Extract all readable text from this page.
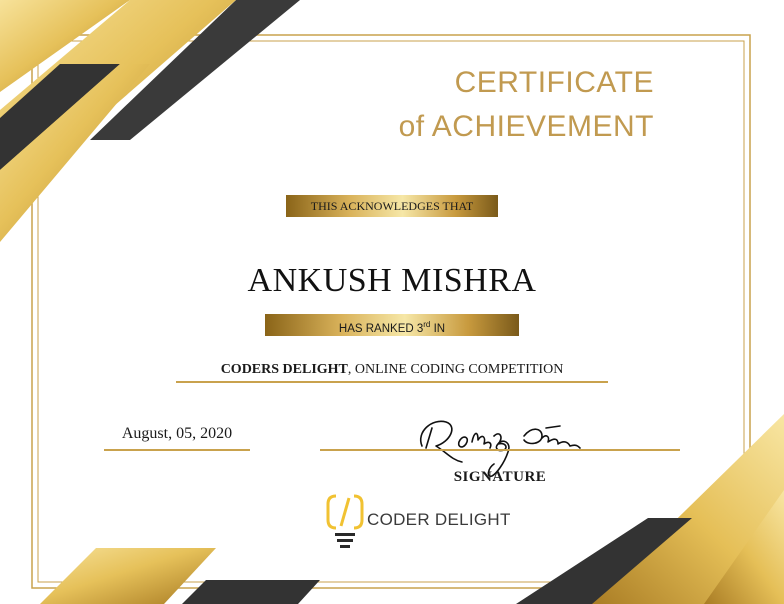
CERTIFICATE
of ACHIEVEMENT
THIS ACKNOWLEDGES THAT
ANKUSH MISHRA
HAS RANKED 3rd IN
CODERS DELIGHT, ONLINE CODING COMPETITION
August, 05, 2020
SIGNATURE
CODER DELIGHT
